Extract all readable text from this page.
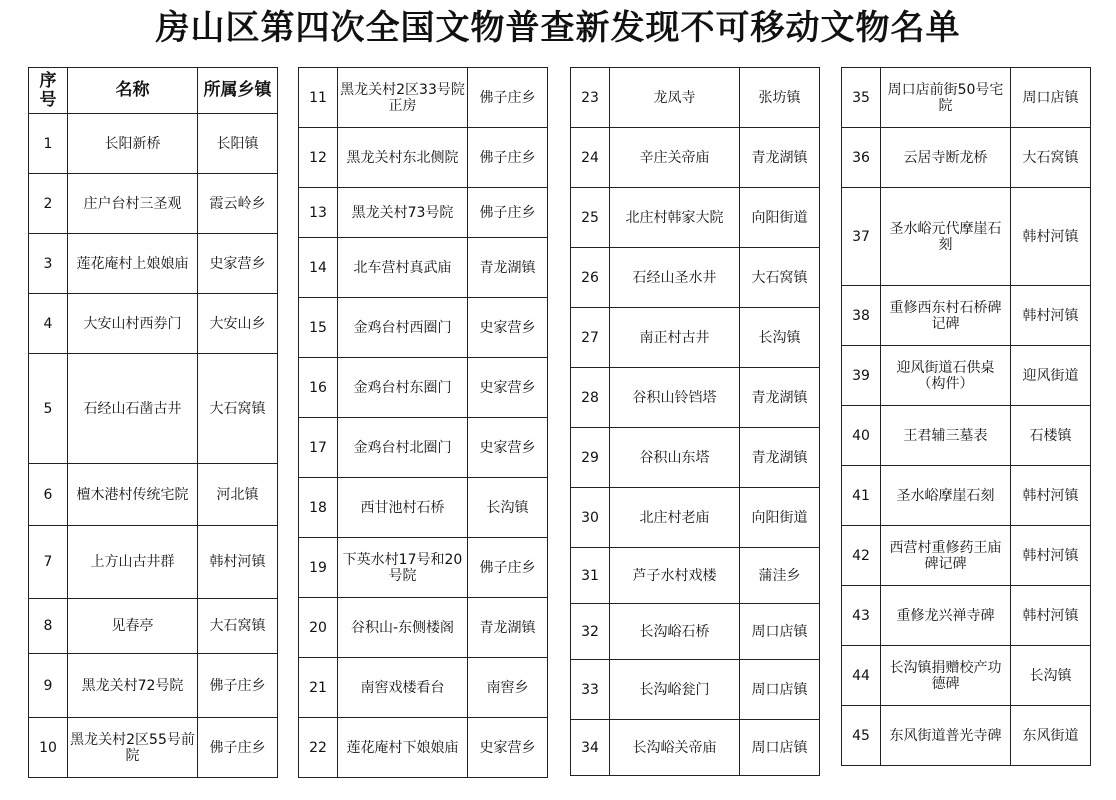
房山区第四次全国文物普查新发现不可移动文物名单
序号	名称	所属乡镇
1	长阳新桥	长阳镇
2	庄户台村三圣观	霞云岭乡
3	莲花庵村上娘娘庙	史家营乡
4	大安山村西券门	大安山乡
5	石经山石凿古井	大石窝镇
6	檀木港村传统宅院	河北镇
7	上方山古井群	韩村河镇
8	见春亭	大石窝镇
9	黑龙关村72号院	佛子庄乡
10	黑龙关村2区55号前院	佛子庄乡
11	黑龙关村2区33号院正房	佛子庄乡
12	黑龙关村东北侧院	佛子庄乡
13	黑龙关村73号院	佛子庄乡
14	北车营村真武庙	青龙湖镇
15	金鸡台村西圈门	史家营乡
16	金鸡台村东圈门	史家营乡
17	金鸡台村北圈门	史家营乡
18	西甘池村石桥	长沟镇
19	下英水村17号和20号院	佛子庄乡
20	谷积山-东侧楼阁	青龙湖镇
21	南窖戏楼看台	南窖乡
22	莲花庵村下娘娘庙	史家营乡
23	龙凤寺	张坊镇
24	辛庄关帝庙	青龙湖镇
25	北庄村韩家大院	向阳街道
26	石经山圣水井	大石窝镇
27	南正村古井	长沟镇
28	谷积山铃铛塔	青龙湖镇
29	谷积山东塔	青龙湖镇
30	北庄村老庙	向阳街道
31	芦子水村戏楼	蒲洼乡
32	长沟峪石桥	周口店镇
33	长沟峪瓮门	周口店镇
34	长沟峪关帝庙	周口店镇
35	周口店前街50号宅院	周口店镇
36	云居寺断龙桥	大石窝镇
37	圣水峪元代摩崖石刻	韩村河镇
38	重修西东村石桥碑记碑	韩村河镇
39	迎风街道石供桌（构件）	迎风街道
40	王君辅三墓表	石楼镇
41	圣水峪摩崖石刻	韩村河镇
42	西营村重修药王庙碑记碑	韩村河镇
43	重修龙兴禅寺碑	韩村河镇
44	长沟镇捐赠校产功德碑	长沟镇
45	东风街道普光寺碑	东风街道
